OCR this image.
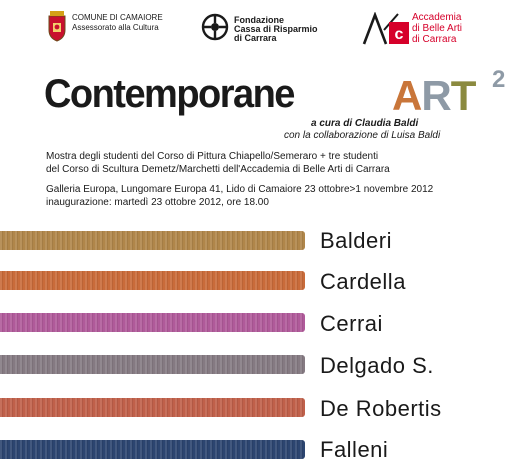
COMUNE DI CAMAIORE
Assessorato alla Cultura
Fondazione
Cassa di Risparmio
di Carrara	c
Accademia
di Belle Arti
di Carrara
Contemporane ART 2
a cura di Claudia Baldi
con la collaborazione di Luisa Baldi
Mostra degli studenti del Corso di Pittura Chiapello/Semeraro + tre studenti
del Corso di Scultura Demetz/Marchetti dell'Accademia di Belle Arti di Carrara
Galleria Europa, Lungomare Europa 41, Lido di Camaiore 23 ottobre>1 novembre 2012
inaugurazione: martedì 23 ottobre 2012, ore 18.00
Balderi
Cardella
Cerrai
Delgado S.
De Robertis
Falleni
